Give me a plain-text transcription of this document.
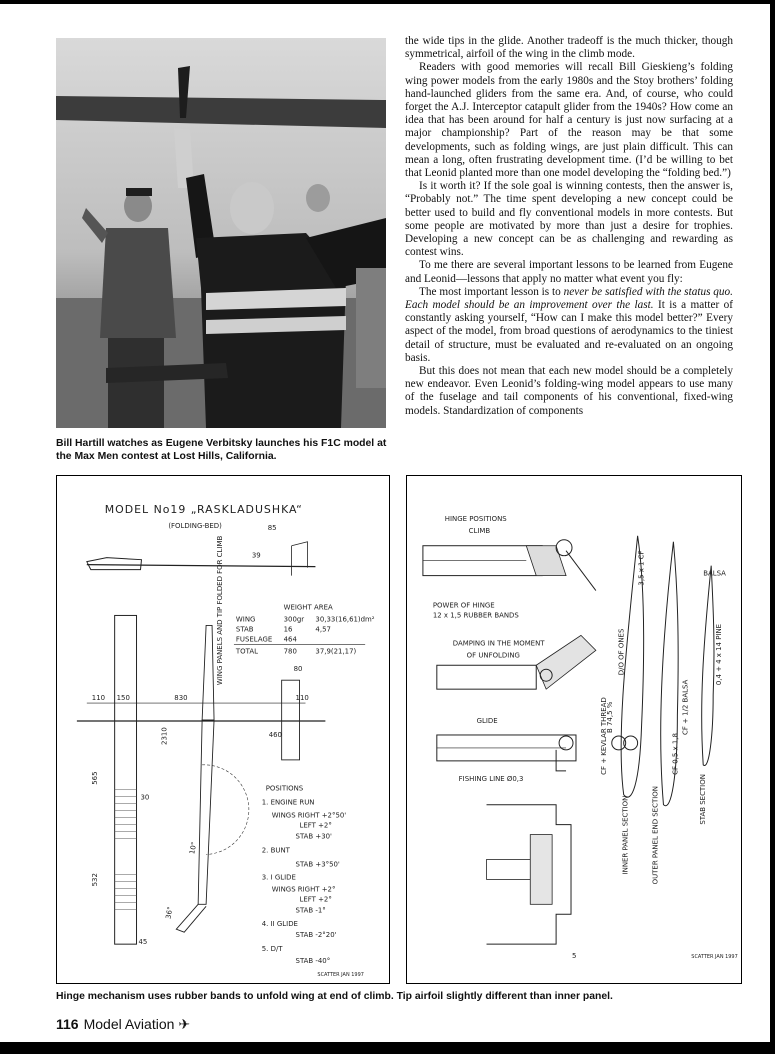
Bill Hartill watches as Eugene Verbitsky launches his F1C model at the Max Men contest at Lost Hills, California.

the wide tips in the glide. Another tradeoff is the much thicker, though symmetrical, airfoil of the wing in the climb mode.

Readers with good memories will recall Bill Gieskieng’s folding wing power models from the early 1980s and the Stoy brothers’ folding hand-launched gliders from the same era. And, of course, who could forget the A.J. Interceptor catapult glider from the 1940s? How come an idea that has been around for half a century is just now surfacing at a major championship? Part of the reason may be that some developments, such as folding wings, are just plain difficult. This can mean a long, often frustrating development time. (I’d be willing to bet that Leonid planted more than one model developing the “folding bed.”)

Is it worth it? If the sole goal is winning contests, then the answer is, “Probably not.” The time spent developing a new concept could be better used to build and fly conventional models in more contests. But some people are motivated by more than just a desire for trophies. Developing a new concept can be as challenging and rewarding as contest wins.

To me there are several important lessons to be learned from Eugene and Leonid—lessons that apply no matter what event you fly:

The most important lesson is to never be satisfied with the status quo. Each model should be an improvement over the last. It is a matter of constantly asking yourself, “How can I make this model better?” Every aspect of the model, from broad questions of aerodynamics to the tiniest detail of structure, must be evaluated and re-evaluated on an ongoing basis.

But this does not mean that each new model should be a completely new endeavor. Even Leonid’s folding-wing model appears to use many of the fuselage and tail components of his conventional, fixed-wing models. Standardization of components

MODEL No19 „RASKLADUSHKA“
(FOLDING-BED)	85
39
WEIGHT AREA
WING	300gr 30,33(16,61)dm²
STAB	16	4,57
FUSELAGE 464
TOTAL	780	37,9(21,17)
WING PANELS AND TIP FOLDED FOR CLIMB
110 150	830
80
460
110
565
532
2310
30
10°
36°
45
POSITIONS
1. ENGINE RUN
WINGS RIGHT +2°50'
LEFT +2°
STAB +30'
2. BUNT
STAB +3°50'
3. I GLIDE
WINGS RIGHT +2°
LEFT +2°
STAB -1°
4. II GLIDE
STAB -2°20'
5. D/T
STAB -40°
SCATTER JAN 1997
HINGE POSITIONS
CLIMB
POWER OF HINGE
12 x 1,5 RUBBER BANDS
DAMPING IN THE MOMENT
OF UNFOLDING
GLIDE
FISHING LINE Ø0,3
3,5 x 1 CF
D/O OF ONES
BALSA
B 74,5 %
CF + KEVLAR THREAD	CF + 1/2 BALSA
0,4 + 4 x 14 PINE
CF 0,5 x 1,8
INNER PANEL SECTION	OUTER PANEL END SECTION	STAB SECTION
5	SCATTER JAN 1997
Hinge mechanism uses rubber bands to unfold wing at end of climb. Tip airfoil slightly different than inner panel.
116 Model Aviation ✈
